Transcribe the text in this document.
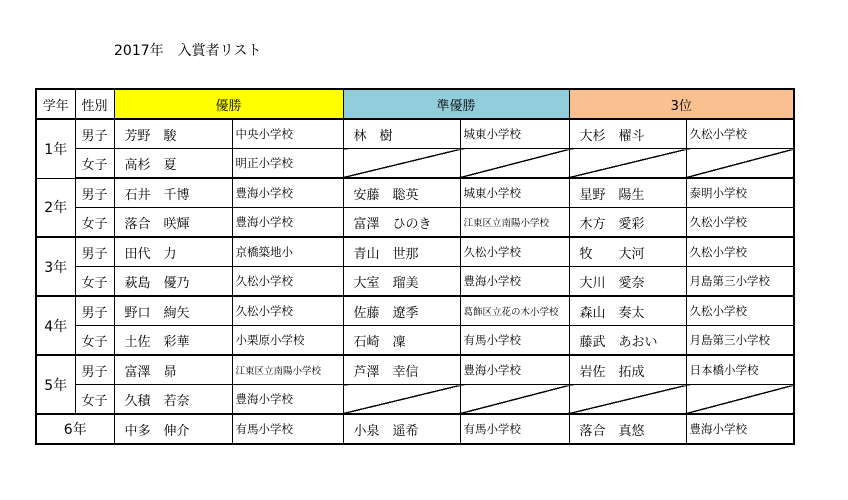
2017年　入賞者リスト
学年	性別	優勝		準優勝		3位	
1年	男子	芳野　駿	中央小学校	林　樹	城東小学校	大杉　櫂斗	久松小学校
	女子	高杉　夏	明正小学校				
2年	男子	石井　千博	豊海小学校	安藤　聡英	城東小学校	星野　陽生	泰明小学校
	女子	落合　咲輝	豊海小学校	富澤　ひのき	江東区立南陽小学校	木方　愛彩	久松小学校
3年	男子	田代　力	京橋築地小	青山　世那	久松小学校	牧　　大河	久松小学校
	女子	萩島　優乃	久松小学校	大室　瑠美	豊海小学校	大川　愛奈	月島第三小学校
4年	男子	野口　絢矢	久松小学校	佐藤　遼季	葛飾区立花の木小学校	森山　奏太	久松小学校
	女子	土佐　彩華	小栗原小学校	石崎　凜	有馬小学校	藤武　あおい	月島第三小学校
5年	男子	富澤　昴	江東区立南陽小学校	芦澤　幸信	豊海小学校	岩佐　拓成	日本橋小学校
	女子	久積　若奈	豊海小学校				
6年		中多　伸介	有馬小学校	小泉　遥希	有馬小学校	落合　真悠	豊海小学校
